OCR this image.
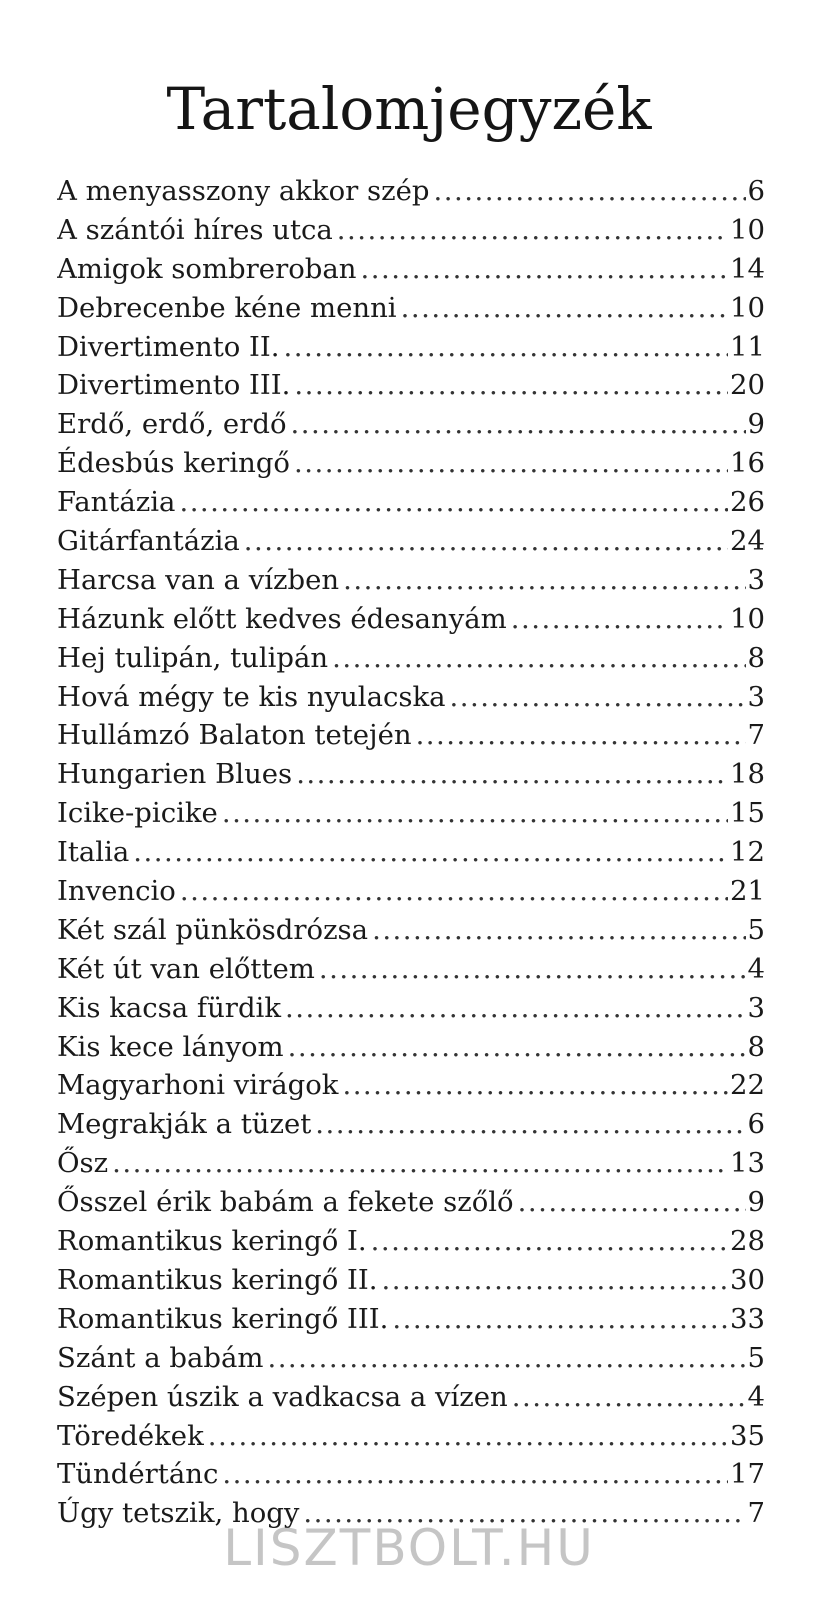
Tartalomjegyzék
A menyasszony akkor szép .....	6
A szántói híres utca .....	10
Amigok sombreroban .....	14
Debrecenbe kéne menni .....	10
Divertimento II. .....	11
Divertimento III. .....	20
Erdő, erdő, erdő .....	9
Édesbús keringő .....	16
Fantázia .....	26
Gitárfantázia .....	24
Harcsa van a vízben .....	3
Házunk előtt kedves édesanyám .....	10
Hej tulipán, tulipán .....	8
Hová mégy te kis nyulacska .....	3
Hullámzó Balaton tetején .....	7
Hungarien Blues .....	18
Icike-picike .....	15
Italia .....	12
Invencio .....	21
Két szál pünkösdrózsa .....	5
Két út van előttem .....	4
Kis kacsa fürdik .....	3
Kis kece lányom .....	8
Magyarhoni virágok .....	22
Megrakják a tüzet .....	6
Ősz .....	13
Ősszel érik babám a fekete szőlő .....	9
Romantikus keringő I. .....	28
Romantikus keringő II. .....	30
Romantikus keringő III. .....	33
Szánt a babám .....	5
Szépen úszik a vadkacsa a vízen .....	4
Töredékek .....	35
Tündértánc .....	17
Úgy tetszik, hogy .....	7
LISZTBOLT.HU
